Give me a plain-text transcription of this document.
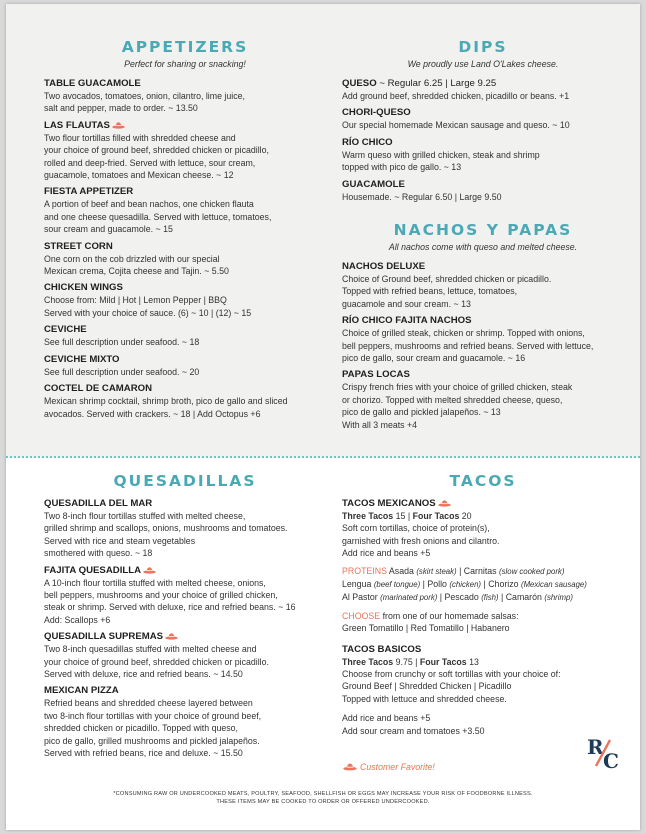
APPETIZERS
Perfect for sharing or snacking!
TABLE GUACAMOLE
Two avocados, tomatoes, onion, cilantro, lime juice,
salt and pepper, made to order. ~ 13.50
LAS FLAUTAS
Two flour tortillas filled with shredded cheese and
your choice of ground beef, shredded chicken or picadillo,
rolled and deep-fried. Served with lettuce, sour cream,
guacamole, tomatoes and Mexican cheese. ~ 12
FIESTA APPETIZER
A portion of beef and bean nachos, one chicken flauta
and one cheese quesadilla. Served with lettuce, tomatoes,
sour cream and guacamole. ~ 15
STREET CORN
One corn on the cob drizzled with our special
Mexican crema, Cojita cheese and Tajin. ~ 5.50
CHICKEN WINGS
Choose from: Mild | Hot | Lemon Pepper | BBQ
Served with your choice of sauce. (6) ~ 10 | (12) ~ 15
CEVICHE
See full description under seafood. ~ 18
CEVICHE MIXTO
See full description under seafood. ~ 20
COCTEL DE CAMARON
Mexican shrimp cocktail, shrimp broth, pico de gallo and sliced
avocados. Served with crackers. ~ 18 | Add Octopus +6
DIPS
We proudly use Land O'Lakes cheese.
QUESO ~ Regular 6.25 | Large 9.25
Add ground beef, shredded chicken, picadillo or beans. +1
CHORI-QUESO
Our special homemade Mexican sausage and queso. ~ 10
RÍO CHICO
Warm queso with grilled chicken, steak and shrimp
topped with pico de gallo. ~ 13
GUACAMOLE
Housemade. ~ Regular 6.50 | Large 9.50
NACHOS Y PAPAS
All nachos come with queso and melted cheese.
NACHOS DELUXE
Choice of Ground beef, shredded chicken or picadillo.
Topped with refried beans, lettuce, tomatoes,
guacamole and sour cream. ~ 13
RÍO CHICO FAJITA NACHOS
Choice of grilled steak, chicken or shrimp. Topped with onions,
bell peppers, mushrooms and refried beans. Served with lettuce,
pico de gallo, sour cream and guacamole. ~ 16
PAPAS LOCAS
Crispy french fries with your choice of grilled chicken, steak
or chorizo. Topped with melted shredded cheese, queso,
pico de gallo and pickled jalapeños. ~ 13
With all 3 meats +4
QUESADILLAS
QUESADILLA DEL MAR
Two 8-inch flour tortillas stuffed with melted cheese,
grilled shrimp and scallops, onions, mushrooms and tomatoes.
Served with rice and steam vegetables
smothered with queso. ~ 18
FAJITA QUESADILLA
A 10-inch flour tortilla stuffed with melted cheese, onions,
bell peppers, mushrooms and your choice of grilled chicken,
steak or shrimp. Served with deluxe, rice and refried beans. ~ 16
Add: Scallops +6
QUESADILLA SUPREMAS
Two 8-inch quesadillas stuffed with melted cheese and
your choice of ground beef, shredded chicken or picadillo.
Served with deluxe, rice and refried beans. ~ 14.50
MEXICAN PIZZA
Refried beans and shredded cheese layered between
two 8-inch flour tortillas with your choice of ground beef,
shredded chicken or picadillo. Topped with queso,
pico de gallo, grilled mushrooms and pickled jalapeños.
Served with refried beans, rice and deluxe. ~ 15.50
TACOS
TACOS MEXICANOS
Three Tacos 15 | Four Tacos 20
Soft corn tortillas, choice of protein(s),
garnished with fresh onions and cilantro.
Add rice and beans +5
PROTEINS Asada (skirt steak) | Carnitas (slow cooked pork)
Lengua (beef tongue) | Pollo (chicken) | Chorizo (Mexican sausage)
Al Pastor (marinated pork) | Pescado (fish) | Camarón (shrimp)
CHOOSE from one of our homemade salsas:
Green Tomatillo | Red Tomatillo | Habanero
TACOS BASICOS
Three Tacos 9.75 | Four Tacos 13
Choose from crunchy or soft tortillas with your choice of:
Ground Beef | Shredded Chicken | Picadillo
Topped with lettuce and shredded cheese.
Add rice and beans +5
Add sour cream and tomatoes +3.50
Customer Favorite!
R
C
*CONSUMING RAW OR UNDERCOOKED MEATS, POULTRY, SEAFOOD, SHELLFISH OR EGGS MAY INCREASE YOUR RISK OF FOODBORNE ILLNESS.
THESE ITEMS MAY BE COOKED TO ORDER OR OFFERED UNDERCOOKED.
